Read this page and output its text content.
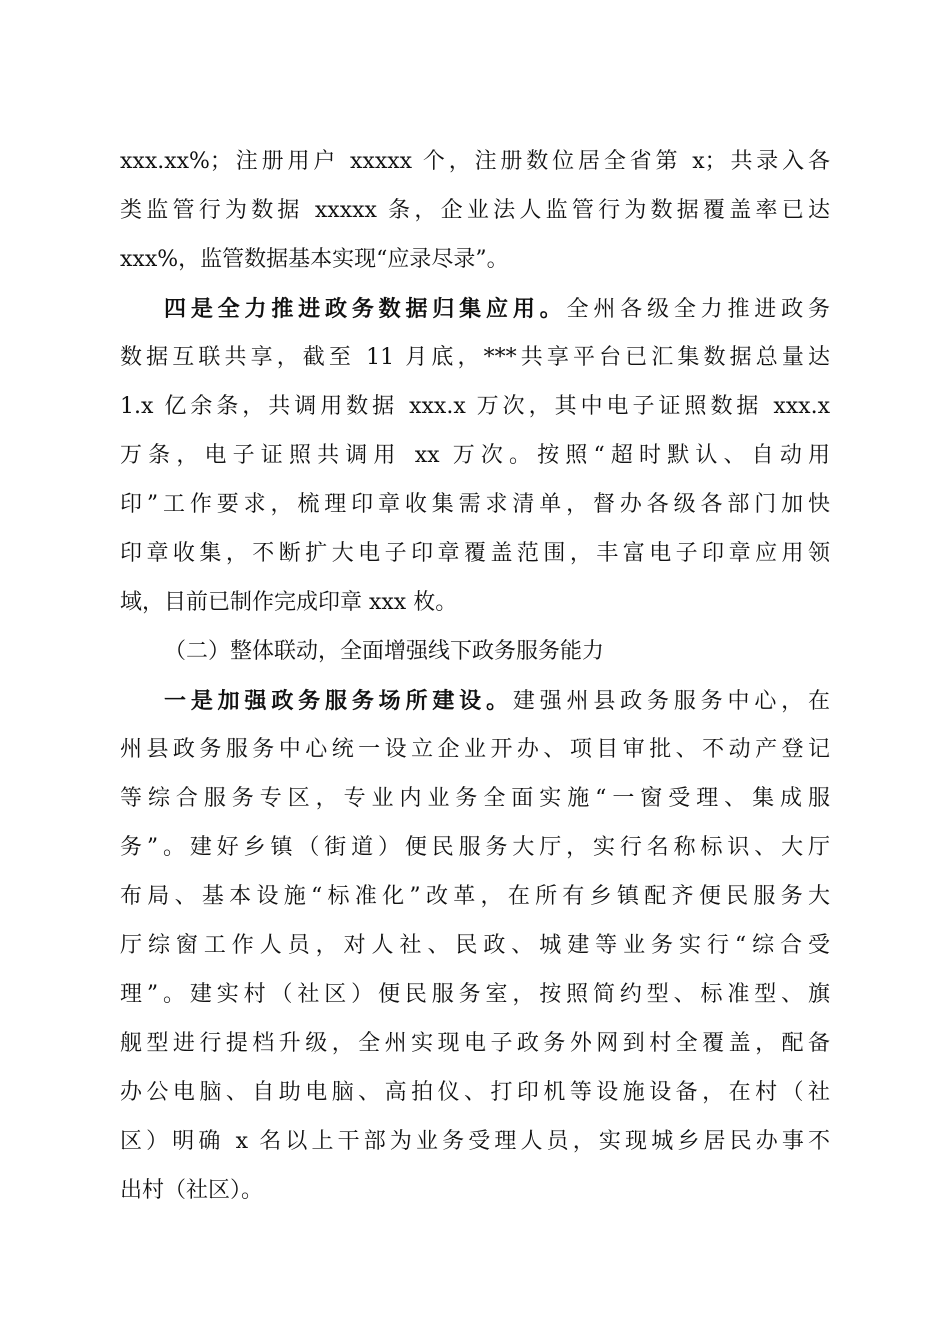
xxx.xx%；注册用户 xxxxx 个，注册数位居全省第 x；共录入各
类监管行为数据 xxxxx 条，企业法人监管行为数据覆盖率已达
xxx%，监管数据基本实现“应录尽录”。
四是全力推进政务数据归集应用。全州各级全力推进政务
数据互联共享，截至 11 月底，***共享平台已汇集数据总量达
1.x 亿余条，共调用数据 xxx.x 万次，其中电子证照数据 xxx.x
万条，电子证照共调用 xx 万次。按照“超时默认、自动用
印”工作要求，梳理印章收集需求清单，督办各级各部门加快
印章收集，不断扩大电子印章覆盖范围，丰富电子印章应用领
域，目前已制作完成印章 xxx 枚。
（二）整体联动，全面增强线下政务服务能力
一是加强政务服务场所建设。建强州县政务服务中心，在
州县政务服务中心统一设立企业开办、项目审批、不动产登记
等综合服务专区，专业内业务全面实施“一窗受理、集成服
务”。建好乡镇（街道）便民服务大厅，实行名称标识、大厅
布局、基本设施“标准化”改革，在所有乡镇配齐便民服务大
厅综窗工作人员，对人社、民政、城建等业务实行“综合受
理”。建实村（社区）便民服务室，按照简约型、标准型、旗
舰型进行提档升级，全州实现电子政务外网到村全覆盖，配备
办公电脑、自助电脑、高拍仪、打印机等设施设备，在村（社
区）明确 x 名以上干部为业务受理人员，实现城乡居民办事不
出村（社区）。
